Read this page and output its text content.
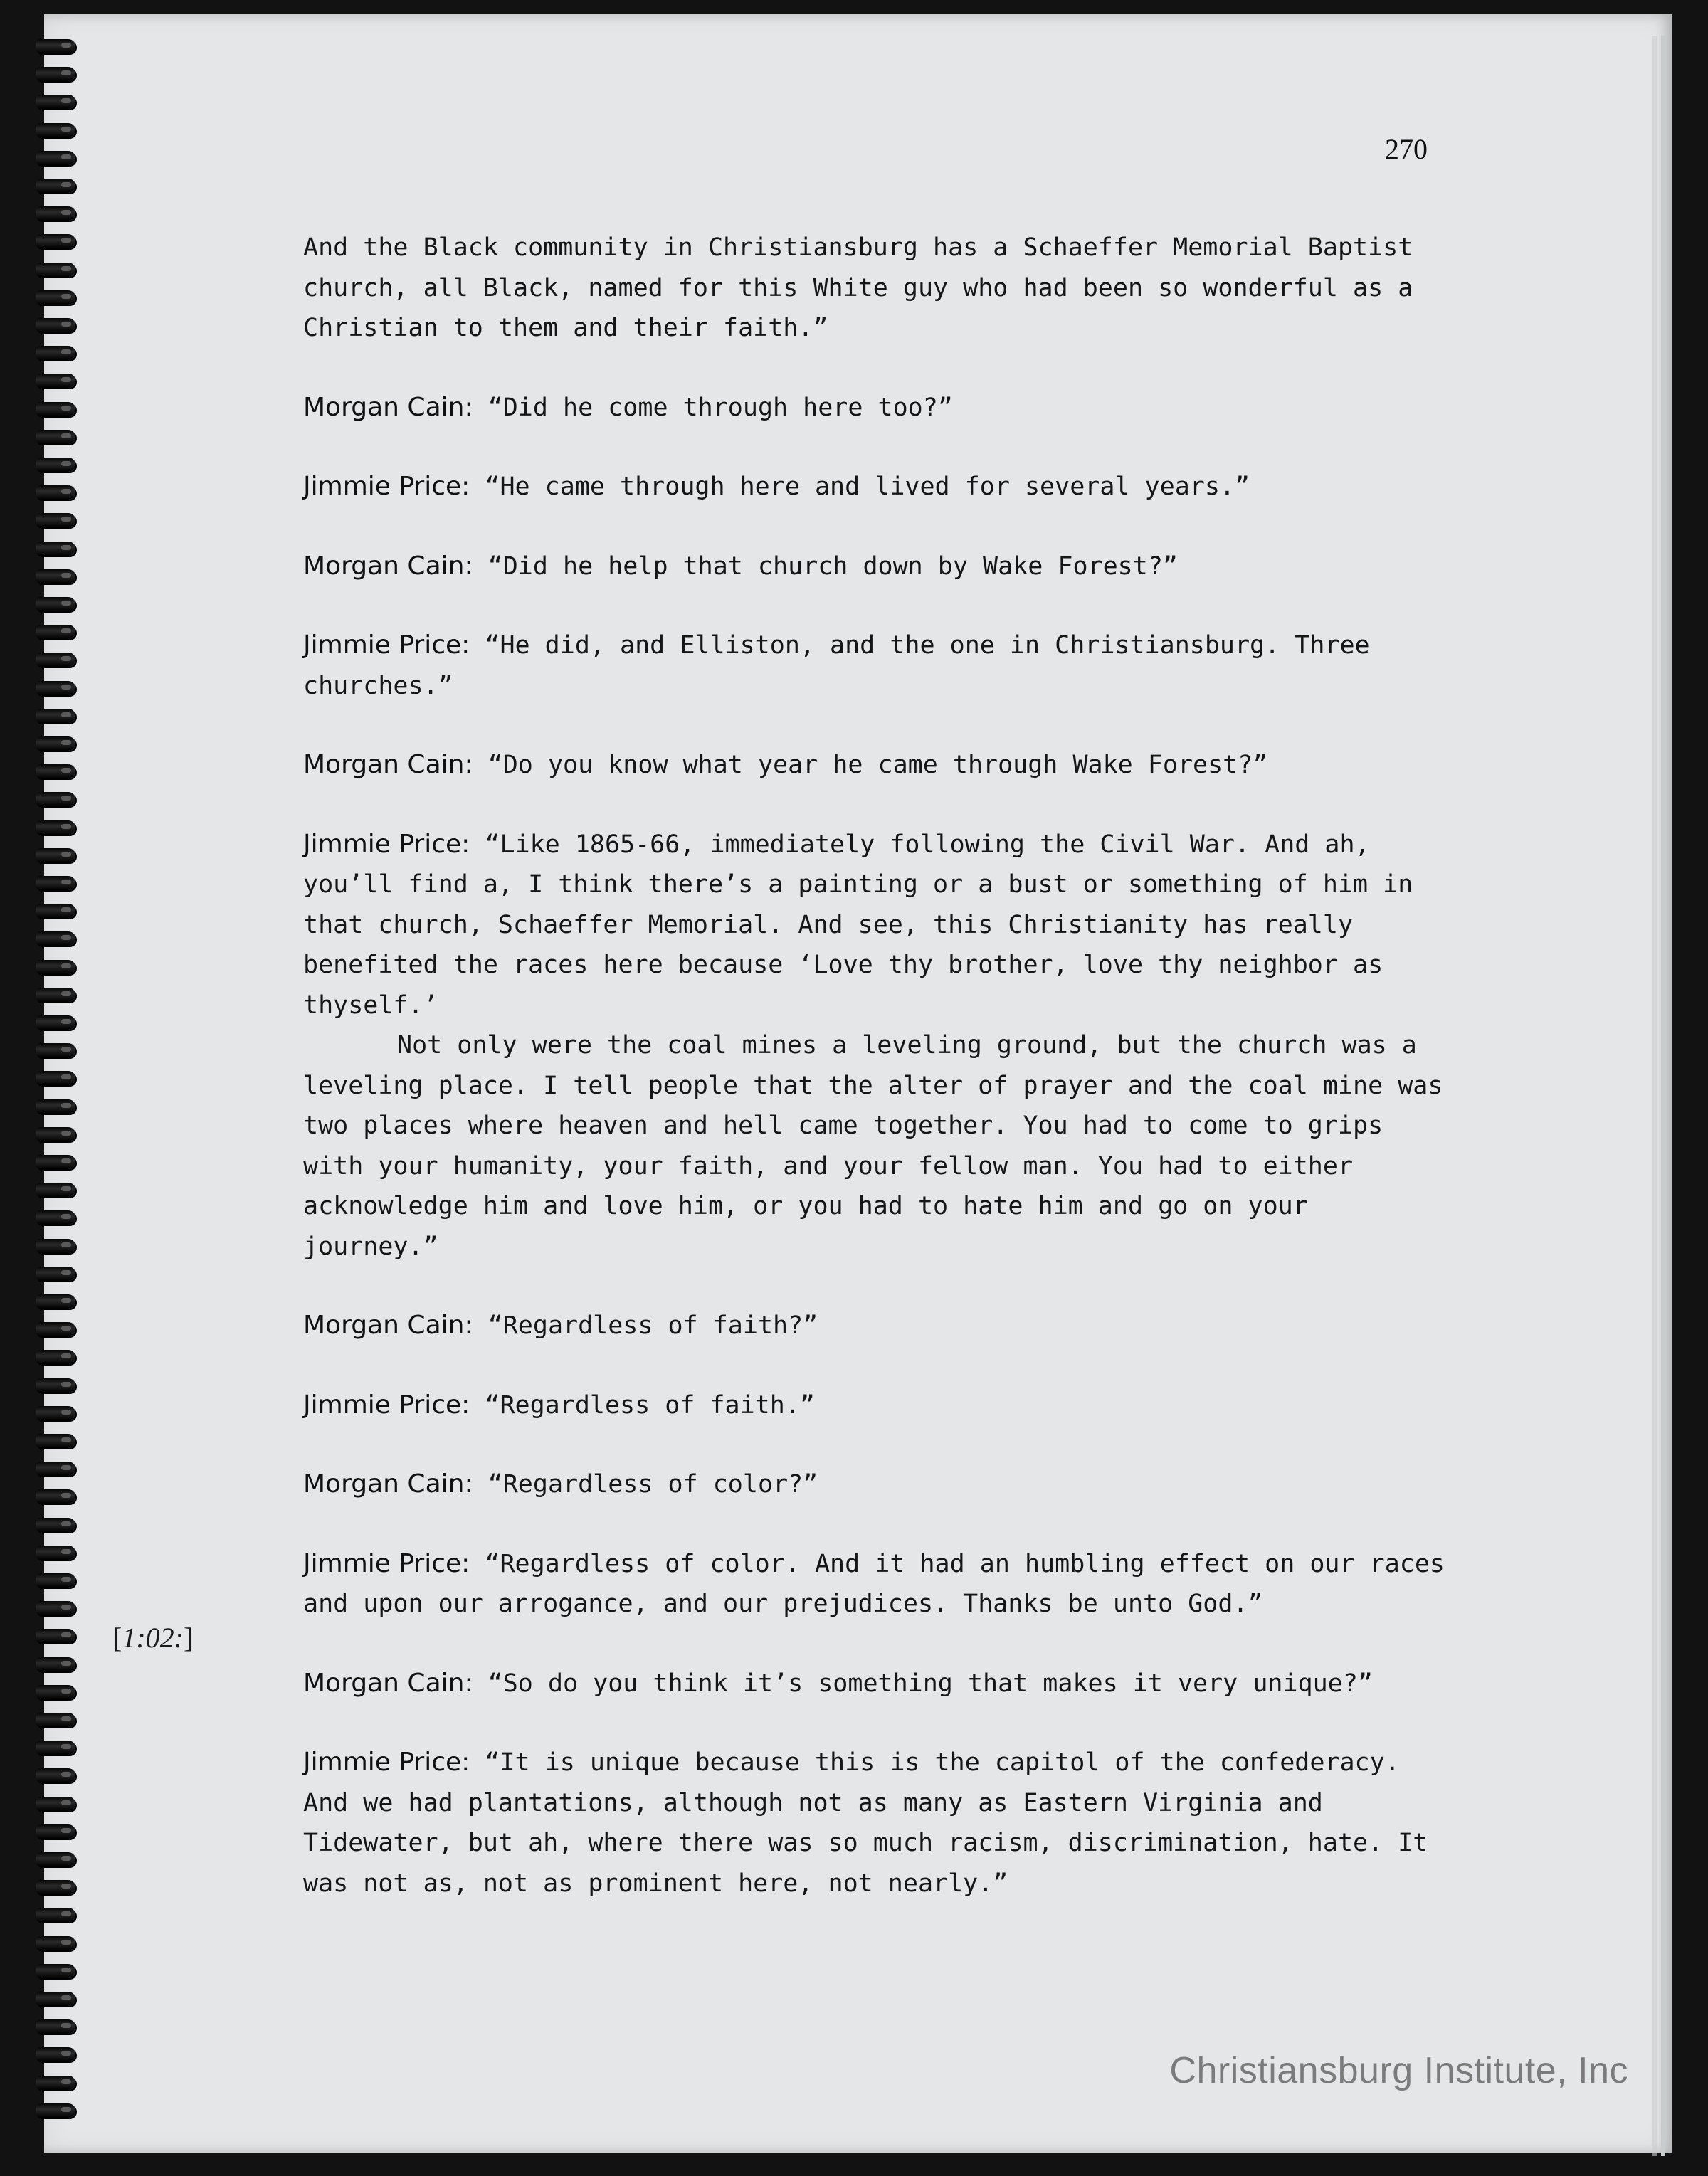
270

And the Black community in Christiansburg has a Schaeffer Memorial Baptist church, all Black, named for this White guy who had been so wonderful as a Christian to them and their faith.”

Morgan Cain: “Did he come through here too?”

Jimmie Price: “He came through here and lived for several years.”

Morgan Cain: “Did he help that church down by Wake Forest?”

Jimmie Price: “He did, and Elliston, and the one in Christiansburg. Three churches.”

Morgan Cain: “Do you know what year he came through Wake Forest?”

Jimmie Price: “Like 1865-66, immediately following the Civil War. And ah, you’ll find a, I think there’s a painting or a bust or something of him in that church, Schaeffer Memorial. And see, this Christianity has really benefited the races here because ‘Love thy brother, love thy neighbor as thyself.’

Not only were the coal mines a leveling ground, but the church was a leveling place. I tell people that the alter of prayer and the coal mine was two places where heaven and hell came together. You had to come to grips with your humanity, your faith, and your fellow man. You had to either acknowledge him and love him, or you had to hate him and go on your journey.”

Morgan Cain: “Regardless of faith?”

Jimmie Price: “Regardless of faith.”

Morgan Cain: “Regardless of color?”

Jimmie Price: “Regardless of color. And it had an humbling effect on our races and upon our arrogance, and our prejudices. Thanks be unto God.”

Morgan Cain: “So do you think it’s something that makes it very unique?”

Jimmie Price: “It is unique because this is the capitol of the confederacy. And we had plantations, although not as many as Eastern Virginia and Tidewater, but ah, where there was so much racism, discrimination, hate. It was not as, not as prominent here, not nearly.”

[1:02:]
Christiansburg Institute, Inc
